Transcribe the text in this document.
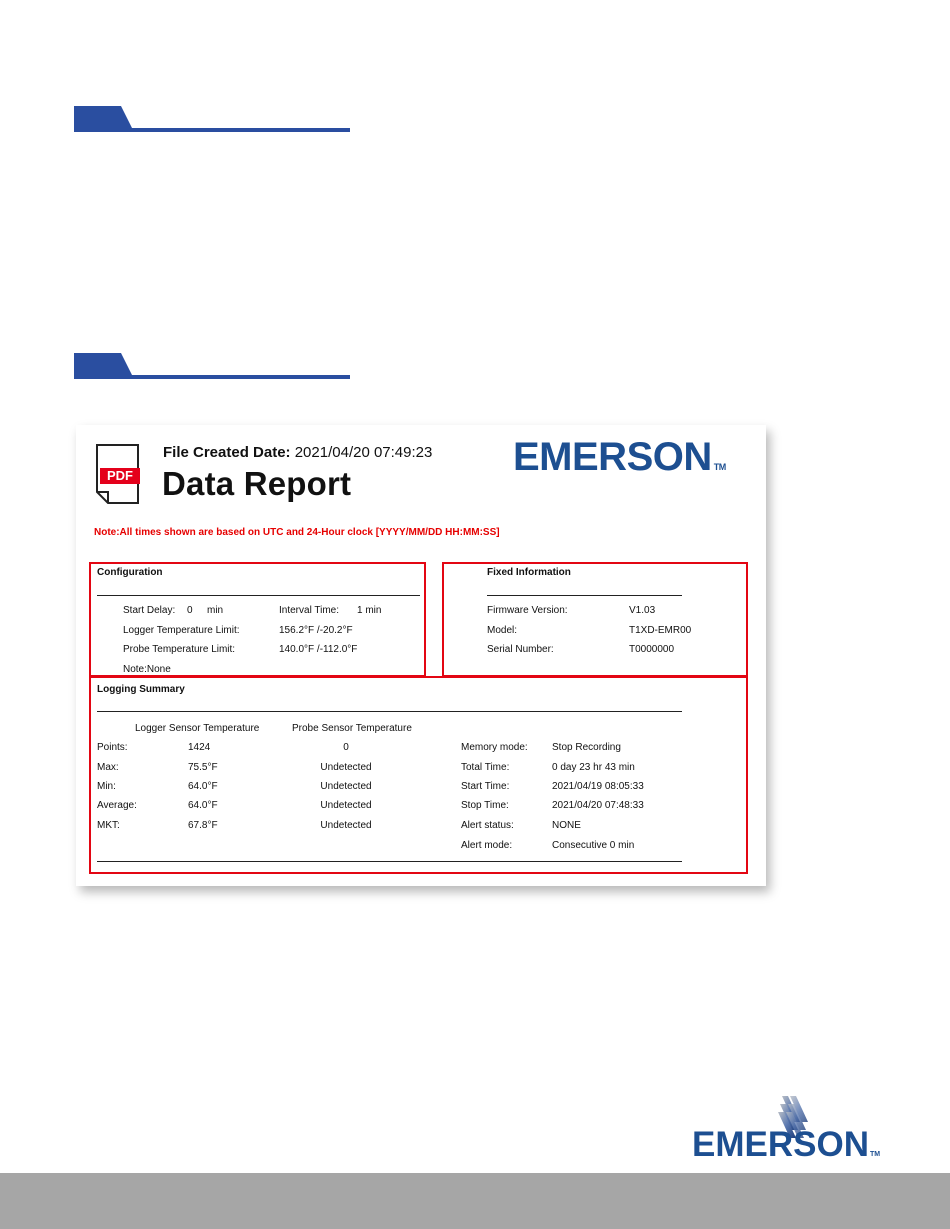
PDF
File Created Date: 2021/04/20 07:49:23
Data Report
EMERSON TM
Note:All times shown are based on UTC and 24-Hour clock [YYYY/MM/DD HH:MM:SS]
Configuration
Start Delay: 0 min	Interval Time: 1 min
Logger Temperature Limit:	156.2°F /-20.2°F
Probe Temperature Limit:	140.0°F /-112.0°F
Note:None
Fixed Information
Firmware Version:	V1.03
Model:	T1XD-EMR00
Serial Number:	T0000000
Logging Summary
Logger Sensor Temperature	Probe Sensor Temperature
Points:	1424	0
Max:	75.5°F	Undetected
Min:	64.0°F	Undetected
Average:	64.0°F	Undetected
MKT:	67.8°F	Undetected
Memory mode: Stop Recording
Total Time:	0 day 23 hr 43 min
Start Time:	2021/04/19 08:05:33
Stop Time:	2021/04/20 07:48:33
Alert status:	NONE
Alert mode:	Consecutive 0 min
EMERSONTM
